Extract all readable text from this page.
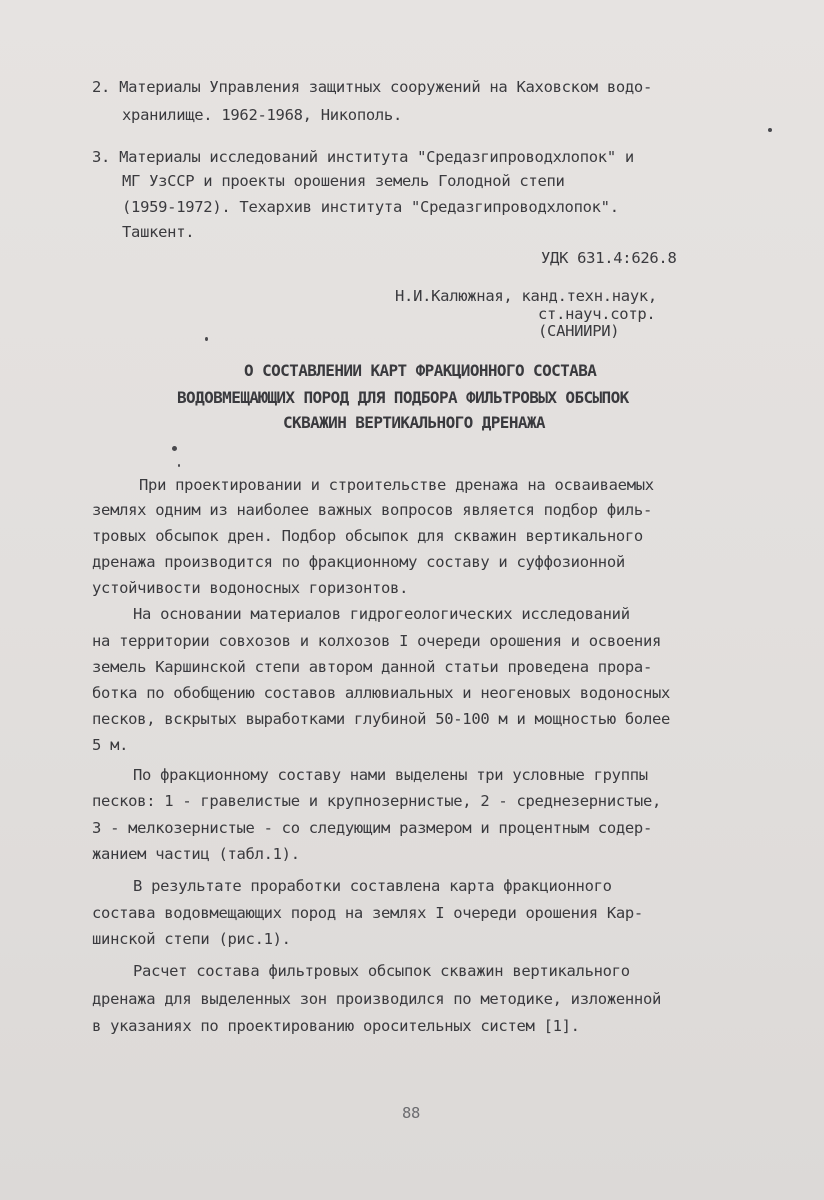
2. Материалы Управления защитных сооружений на Каховском водо-
хранилище. 1962-1968, Никополь.
3. Материалы исследований института "Средазгипроводхлопок" и
МГ УзССР и проекты орошения земель Голодной степи
(1959-1972). Техархив института "Средазгипроводхлопок".
Ташкент.
УДК 631.4:626.8
Н.И.Калюжная, канд.техн.наук,
ст.науч.сотр.
(САНИИРИ)
О СОСТАВЛЕНИИ КАРТ ФРАКЦИОННОГО СОСТАВА
ВОДОВМЕЩАЮЩИХ ПОРОД ДЛЯ ПОДБОРА ФИЛЬТРОВЫХ ОБСЫПОК
СКВАЖИН ВЕРТИКАЛЬНОГО ДРЕНАЖА
При проектировании и строительстве дренажа на осваиваемых
землях одним из наиболее важных вопросов является подбор филь-
тровых обсыпок дрен. Подбор обсыпок для скважин вертикального
дренажа производится по фракционному составу и суффозионной
устойчивости водоносных горизонтов.
На основании материалов гидрогеологических исследований
на территории совхозов и колхозов I очереди орошения и освоения
земель Каршинской степи автором данной статьи проведена прора-
ботка по обобщению составов аллювиальных и неогеновых водоносных
песков, вскрытых выработками глубиной 50-100 м и мощностью более
5 м.
По фракционному составу нами выделены три условные группы
песков: 1 - гравелистые и крупнозернистые, 2 - среднезернистые,
3 - мелкозернистые - со следующим размером и процентным содер-
жанием частиц (табл.1).
В результате проработки составлена карта фракционного
состава водовмещающих пород на землях I очереди орошения Кар-
шинской степи (рис.1).
Расчет состава фильтровых обсыпок скважин вертикального
дренажа для выделенных зон производился по методике, изложенной
в указаниях по проектированию оросительных систем [1].
88
